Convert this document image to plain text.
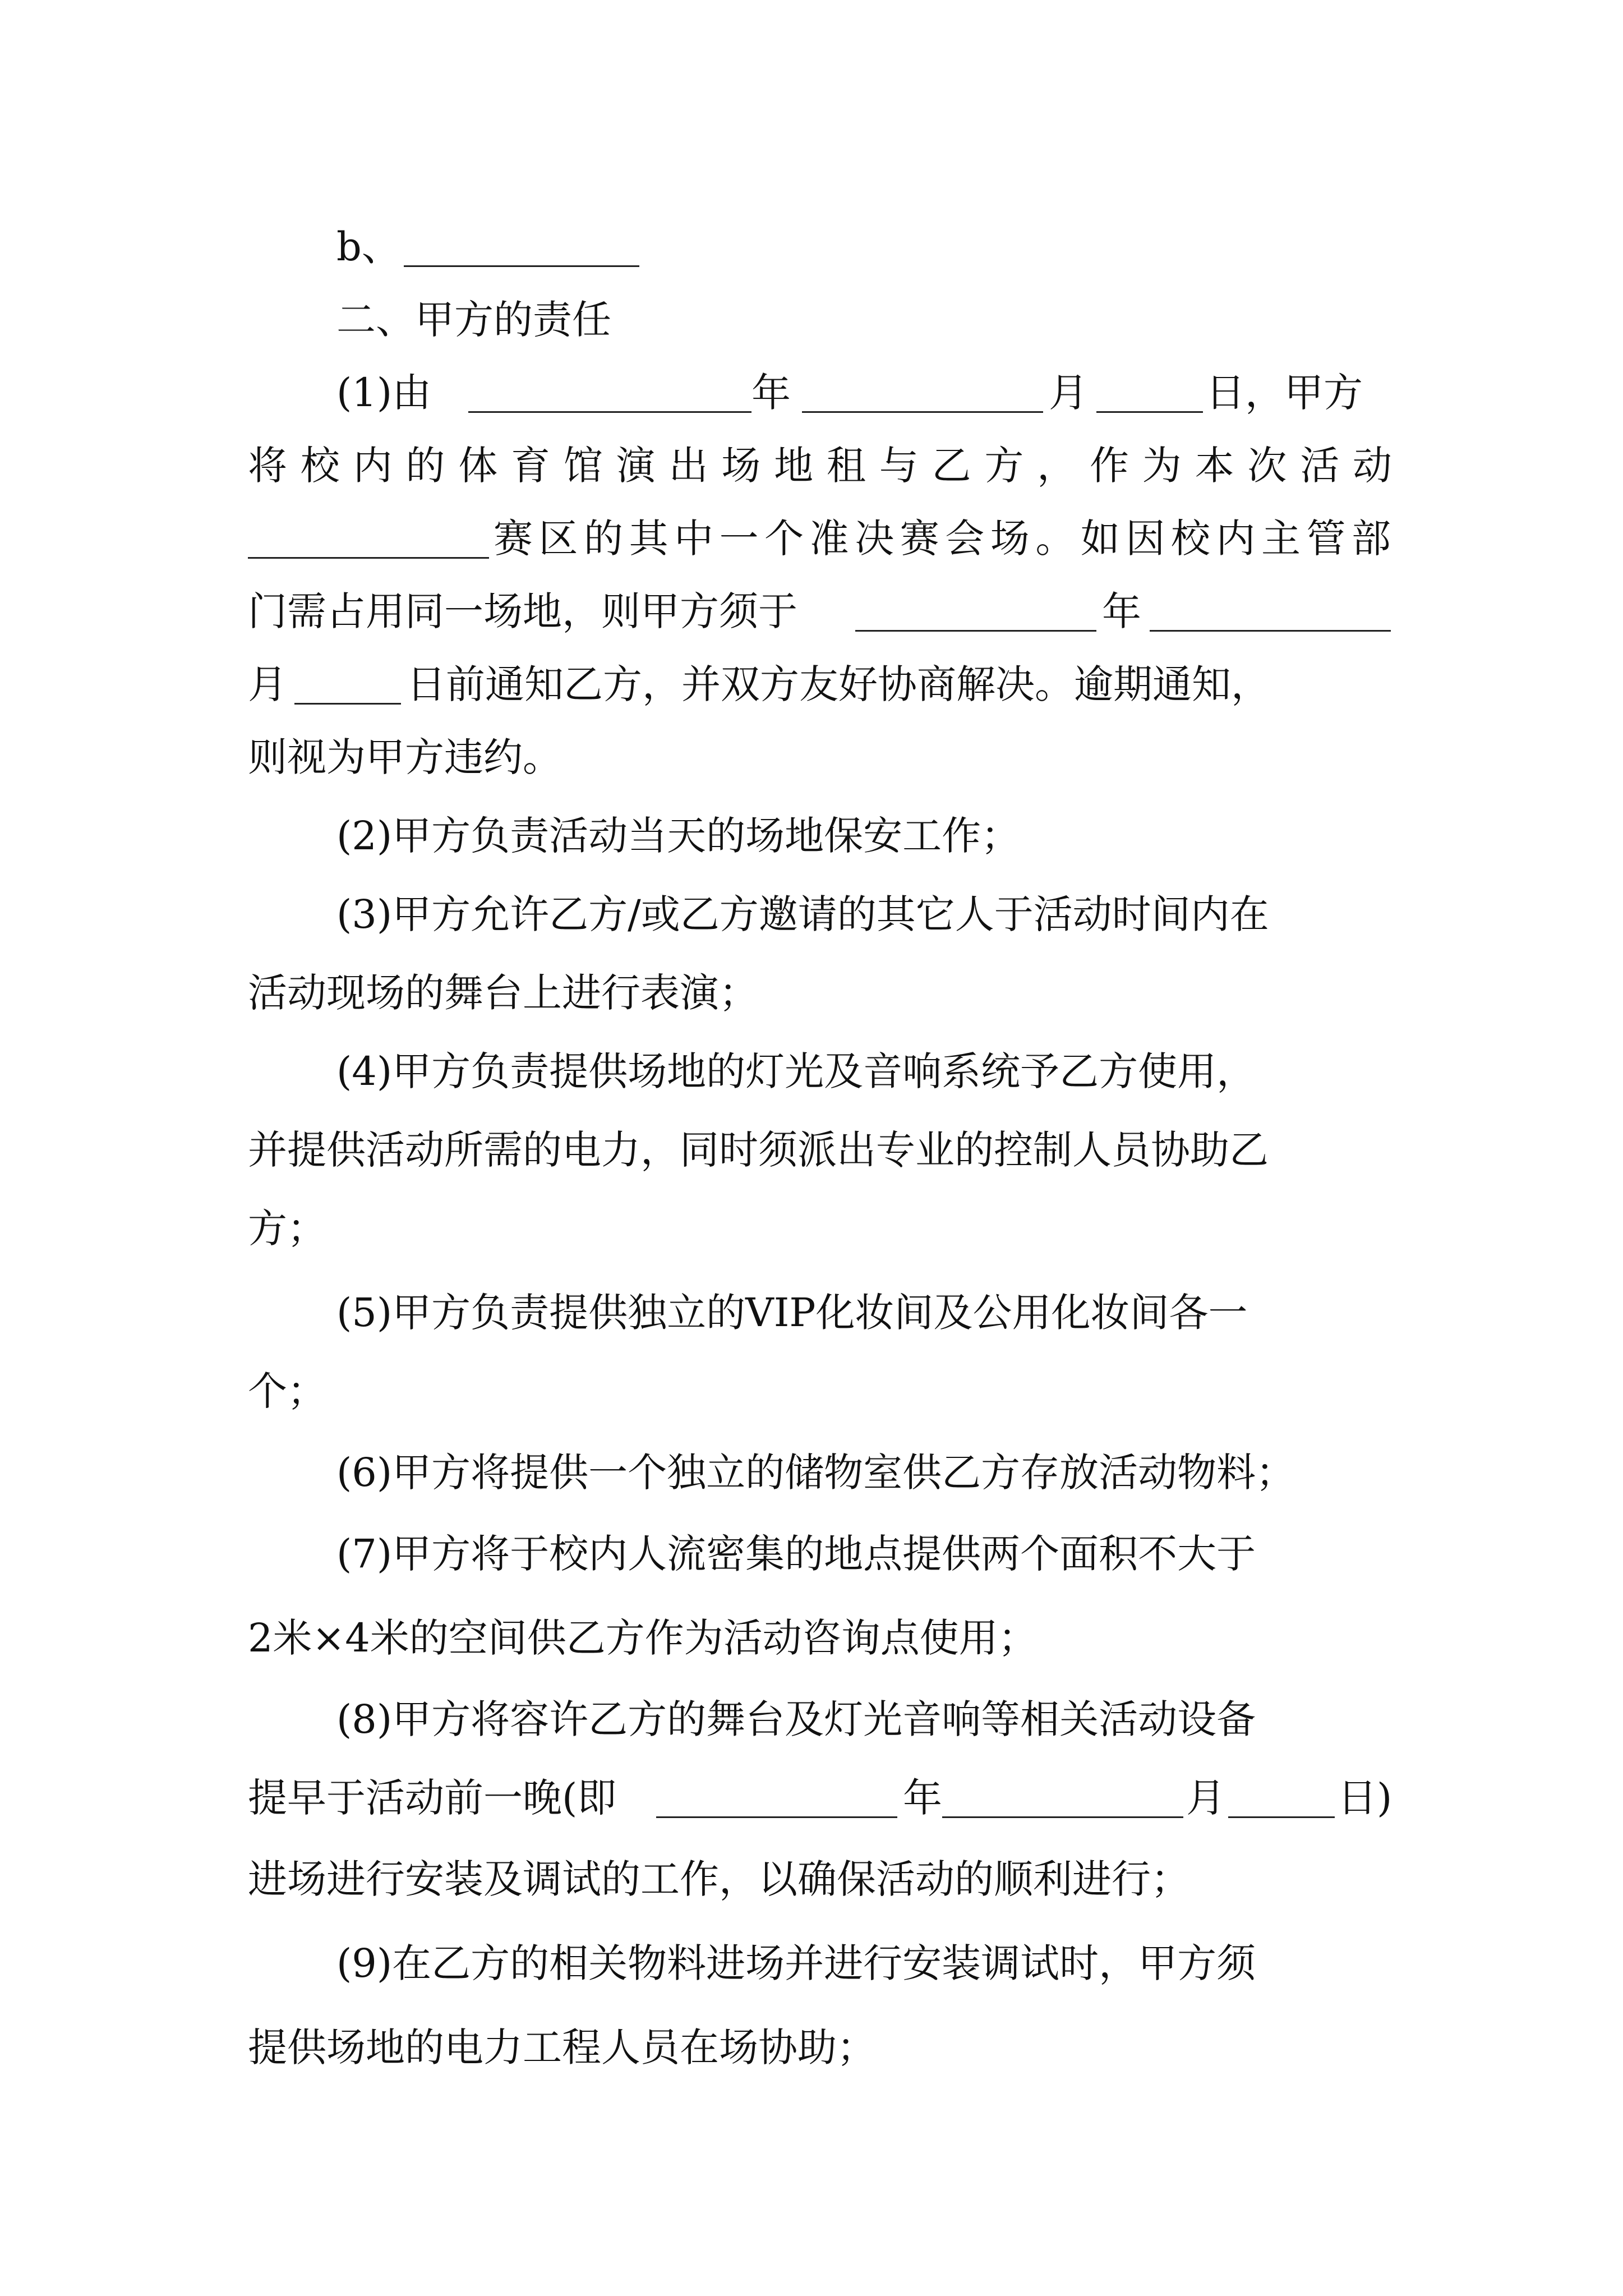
b、
二、甲方的责任
(1)由	年	月	日，甲方
将校内的体育馆演出场地租与乙方，作为本次活动
赛区的其中一个准决赛会场。如因校内主管部
门需占用同一场地，则甲方须于	年
月	日前通知乙方，并双方友好协商解决。逾期通知，
则视为甲方违约。
(2)甲方负责活动当天的场地保安工作；
(3)甲方允许乙方/或乙方邀请的其它人于活动时间内在
活动现场的舞台上进行表演；
(4)甲方负责提供场地的灯光及音响系统予乙方使用，
并提供活动所需的电力，同时须派出专业的控制人员协助乙
方；
(5)甲方负责提供独立的VIP化妆间及公用化妆间各一
个；
(6)甲方将提供一个独立的储物室供乙方存放活动物料；
(7)甲方将于校内人流密集的地点提供两个面积不大于
2米×4米的空间供乙方作为活动咨询点使用；
(8)甲方将容许乙方的舞台及灯光音响等相关活动设备
提早于活动前一晚(即	年	月	日)
进场进行安装及调试的工作，以确保活动的顺利进行；
(9)在乙方的相关物料进场并进行安装调试时，甲方须
提供场地的电力工程人员在场协助；
